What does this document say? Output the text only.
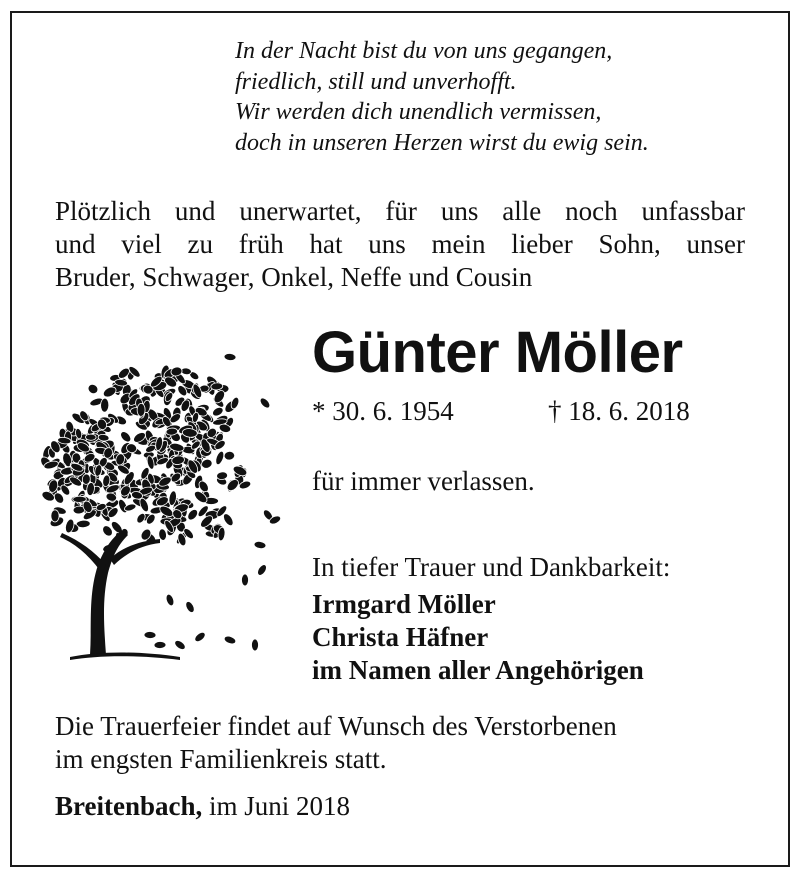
In der Nacht bist du von uns gegangen,
friedlich, still und unverhofft.
Wir werden dich unendlich vermissen,
doch in unseren Herzen wirst du ewig sein.
Plötzlich und unerwartet, für uns alle noch unfassbar
und viel zu früh hat uns mein lieber Sohn, unser
Bruder, Schwager, Onkel, Neffe und Cousin
Günter Möller
* 30. 6. 1954	† 18. 6. 2018
für immer verlassen.
In tiefer Trauer und Dankbarkeit:
Irmgard Möller
Christa Häfner
im Namen aller Angehörigen
Die Trauerfeier findet auf Wunsch des Verstorbenen
im engsten Familienkreis statt.
Breitenbach, im Juni 2018
